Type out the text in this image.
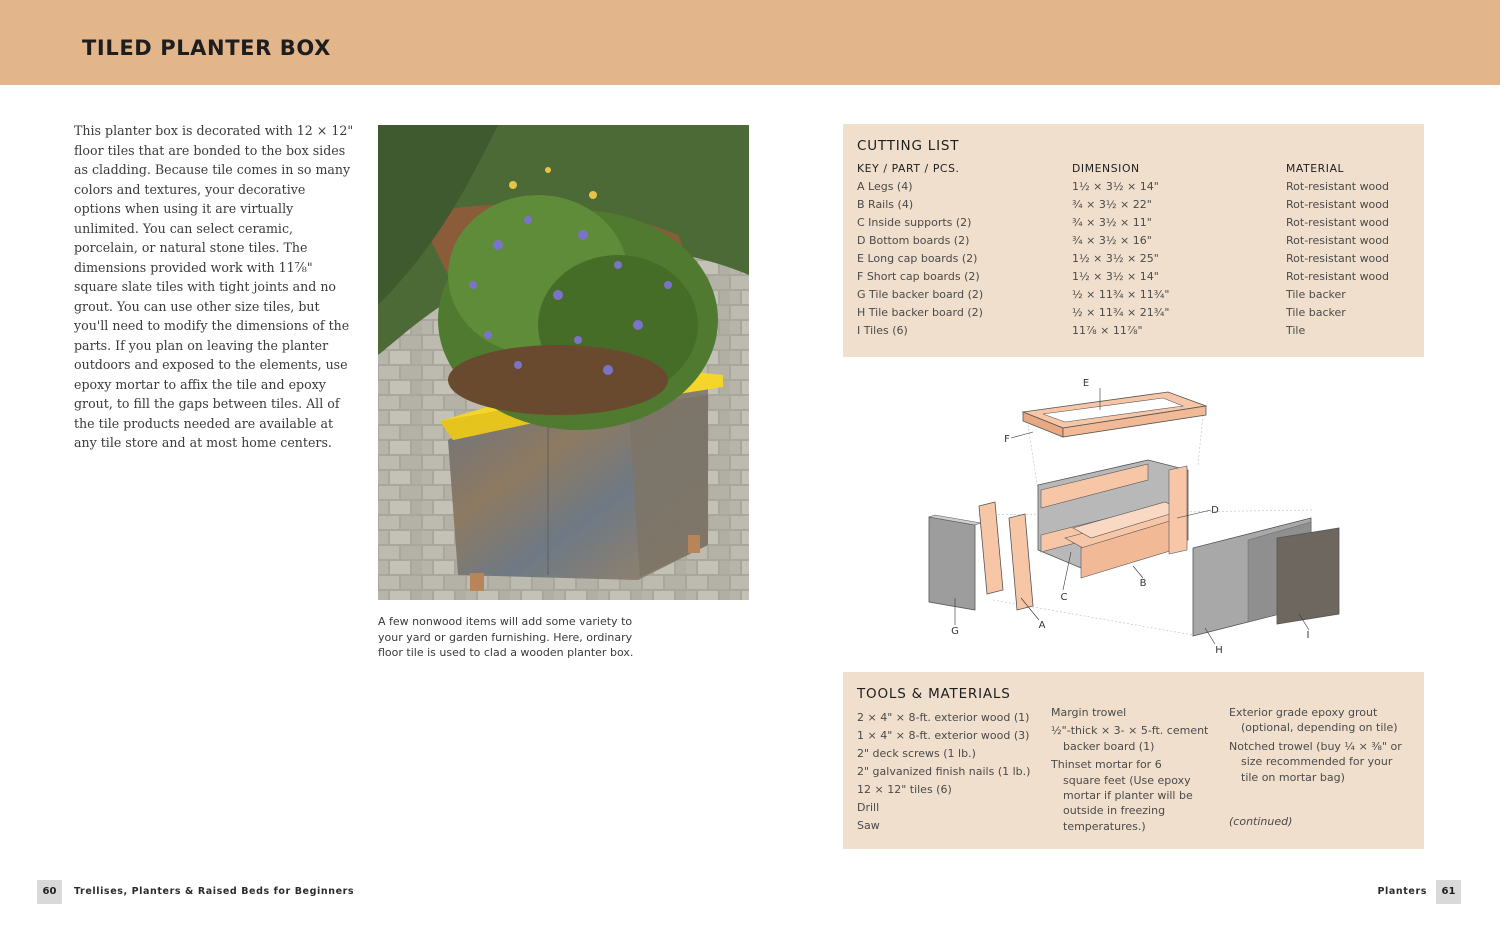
TILED PLANTER BOX

This planter box is decorated with 12 × 12" floor tiles that are bonded to the box sides as cladding. Because tile comes in so many colors and textures, your decorative options when using it are virtually unlimited. You can select ceramic, porcelain, or natural stone tiles. The dimensions provided work with 11⅞" square slate tiles with tight joints and no grout. You can use other size tiles, but you'll need to modify the dimensions of the parts. If you plan on leaving the planter outdoors and exposed to the elements, use epoxy mortar to affix the tile and epoxy grout, to fill the gaps between tiles. All of the tile products needed are available at any tile store and at most home centers.

A few nonwood items will add some variety to your yard or garden furnishing. Here, ordinary floor tile is used to clad a wooden planter box.

CUTTING LIST
KEY / PART / PCS.	DIMENSION	MATERIAL
A Legs (4)	1½ × 3½ × 14"	Rot-resistant wood
B Rails (4)	¾ × 3½ × 22"	Rot-resistant wood
C Inside supports (2)	¾ × 3½ × 11"	Rot-resistant wood
D Bottom boards (2)	¾ × 3½ × 16"	Rot-resistant wood
E Long cap boards (2)	1½ × 3½ × 25"	Rot-resistant wood
F Short cap boards (2)	1½ × 3½ × 14"	Rot-resistant wood
G Tile backer board (2)	½ × 11¾ × 11¾"	Tile backer
H Tile backer board (2)	½ × 11¾ × 21¾"	Tile backer
I Tiles (6)	11⅞ × 11⅞"	Tile
E
F
D
B
C
G
A
H
I
TOOLS & MATERIALS
2 × 4" × 8-ft. exterior wood (1)
1 × 4" × 8-ft. exterior wood (3)
2" deck screws (1 lb.)
2" galvanized finish nails (1 lb.)
12 × 12" tiles (6)
Drill
Saw
Margin trowel
½"-thick × 3- × 5-ft. cement
backer board (1)
Thinset mortar for 6
square feet (Use epoxy
mortar if planter will be
outside in freezing
temperatures.)
Exterior grade epoxy grout
(optional, depending on tile)
Notched trowel (buy ¼ × ⅜" or
size recommended for your
tile on mortar bag)
(continued)
60	Trellises, Planters & Raised Beds for Beginners	Planters	61
